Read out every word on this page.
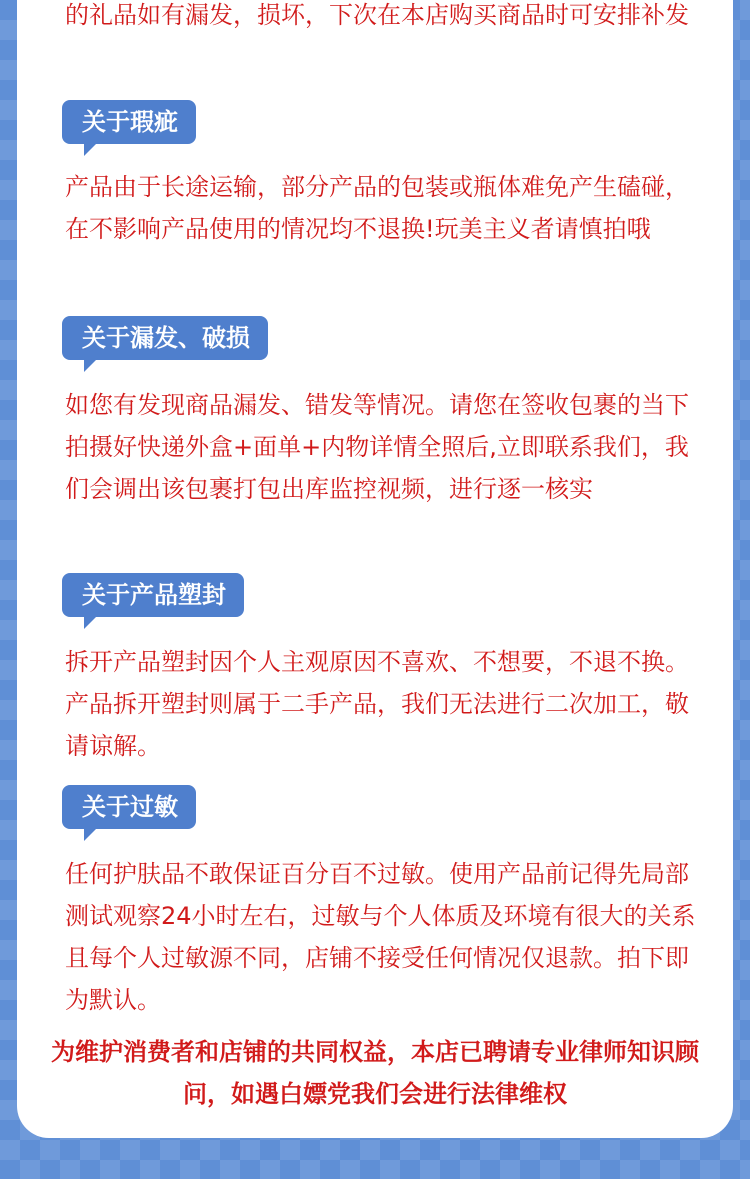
的礼品如有漏发，损坏，下次在本店购买商品时可安排补发

关于瑕疵

产品由于长途运输，部分产品的包装或瓶体难免产生磕碰，在不影响产品使用的情况均不退换!玩美主义者请慎拍哦

关于漏发、破损

如您有发现商品漏发、错发等情况。请您在签收包裹的当下拍摄好快递外盒+面单+内物详情全照后,立即联系我们，我们会调出该包裹打包出库监控视频，进行逐一核实

关于产品塑封

拆开产品塑封因个人主观原因不喜欢、不想要，不退不换。产品拆开塑封则属于二手产品，我们无法进行二次加工，敬请谅解。

关于过敏

任何护肤品不敢保证百分百不过敏。使用产品前记得先局部测试观察24小时左右，过敏与个人体质及环境有很大的关系且每个人过敏源不同，店铺不接受任何情况仅退款。拍下即为默认。

为维护消费者和店铺的共同权益，本店已聘请专业律师知识顾问，如遇白嫖党我们会进行法律维权
